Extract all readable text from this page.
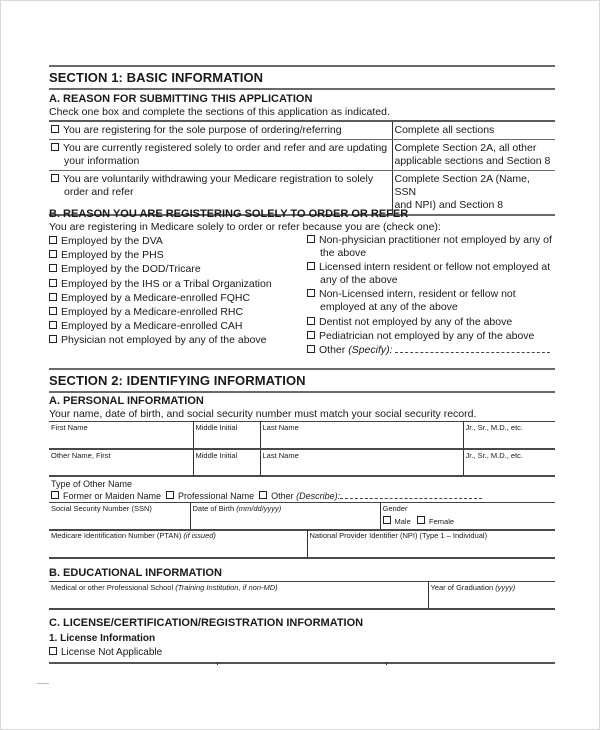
SECTION 1: BASIC INFORMATION
A. REASON FOR SUBMITTING THIS APPLICATION
Check one box and complete the sections of this application as indicated.
You are registering for the sole purpose of ordering/referring	Complete all sections
You are currently registered solely to order and refer and are updating
your information	Complete Section 2A, all other
applicable sections and Section 8
You are voluntarily withdrawing your Medicare registration to solely
order and refer	Complete Section 2A (Name, SSN
and NPI) and Section 8
B. REASON YOU ARE REGISTERING SOLELY TO ORDER OR REFER
You are registering in Medicare solely to order or refer because you are (check one):
Employed by the DVA
Employed by the PHS
Employed by the DOD/Tricare
Employed by the IHS or a Tribal Organization
Employed by a Medicare-enrolled FQHC
Employed by a Medicare-enrolled RHC
Employed by a Medicare-enrolled CAH
Physician not employed by any of the above
Non-physician practitioner not employed by any of
the above
Licensed intern resident or fellow not employed at
any of the above
Non-Licensed intern, resident or fellow not
employed at any of the above
Dentist not employed by any of the above
Pediatrician not employed by any of the above
Other (Specify):
SECTION 2: IDENTIFYING INFORMATION
A. PERSONAL INFORMATION
Your name, date of birth, and social security number must match your social security record.
First Name	Middle Initial	Last Name	Jr., Sr., M.D., etc.
Other Name, First	Middle Initial	Last Name	Jr., Sr., M.D., etc.
Type of Other Name
Former or Maiden Name Professional Name Other (Describe):
Social Security Number (SSN)	Date of Birth (mm/dd/yyyy)	Gender
Male Female
Medicare Identification Number (PTAN) (if issued)	National Provider Identifier (NPI) (Type 1 – Individual)
B. EDUCATIONAL INFORMATION
Medical or other Professional School (Training Institution, if non-MD)	Year of Graduation (yyyy)
C. LICENSE/CERTIFICATION/REGISTRATION INFORMATION
1. License Information
License Not Applicable
